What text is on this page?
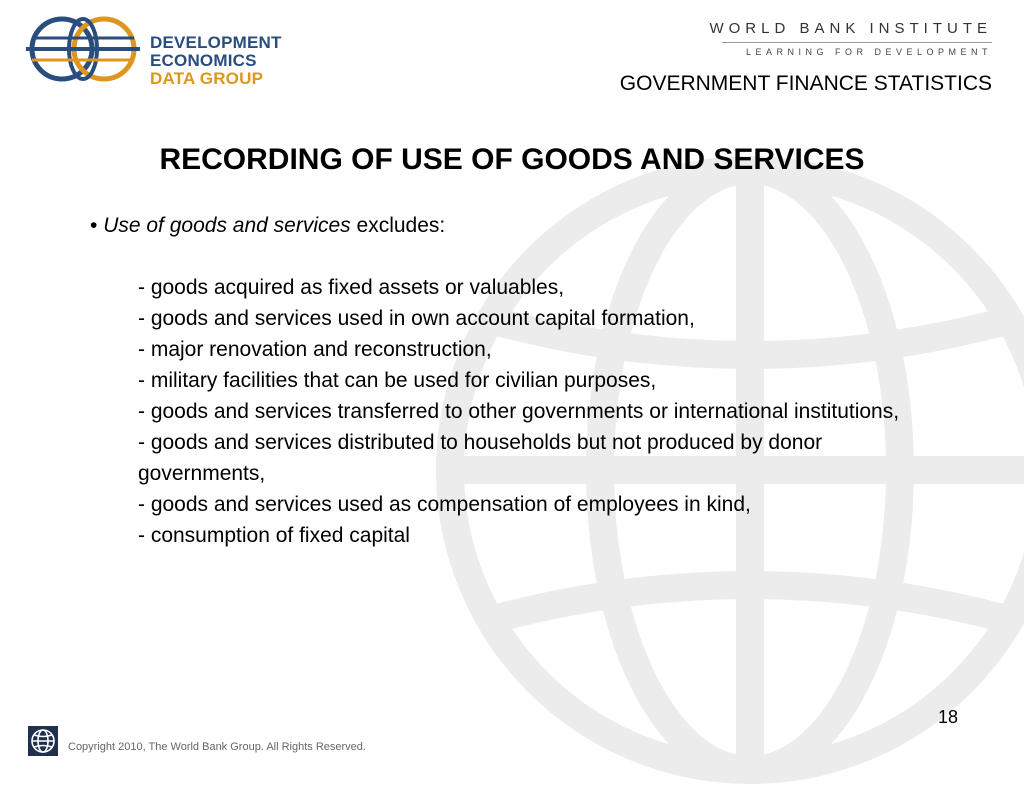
DEVELOPMENT ECONOMICS
DATA GROUP
WORLD BANK INSTITUTE
LEARNING FOR DEVELOPMENT
GOVERNMENT FINANCE STATISTICS
RECORDING OF USE OF GOODS AND SERVICES

• Use of goods and services excludes:

- goods acquired as fixed assets or valuables,
- goods and services used in own account capital formation,
- major renovation and reconstruction,
- military facilities that can be used for civilian purposes,
- goods and services transferred to other governments or international institutions,
- goods and services distributed to households but not produced by donor governments,
- goods and services used as compensation of employees in kind,
- consumption of fixed capital
18
Copyright 2010, The World Bank Group. All Rights Reserved.
